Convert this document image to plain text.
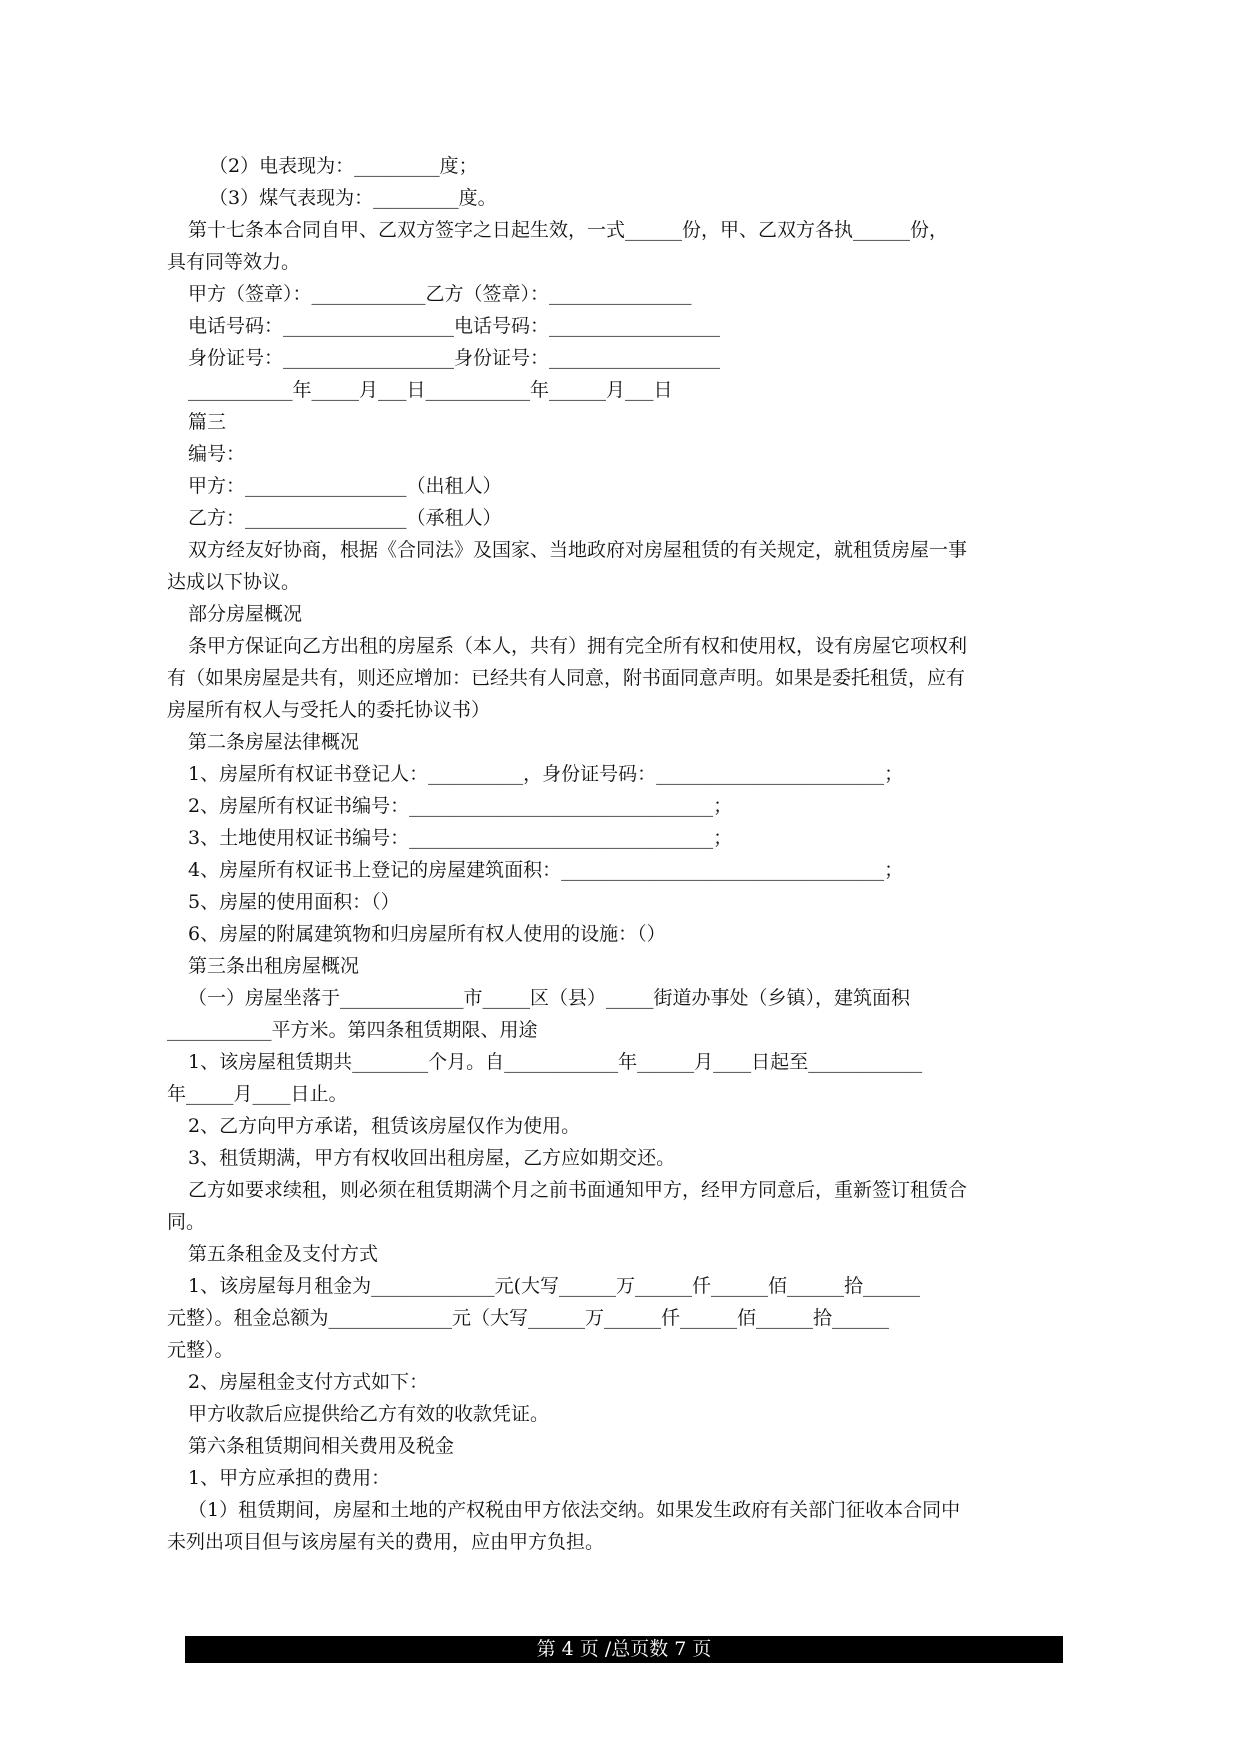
（2）电表现为：_________度；
（3）煤气表现为：_________度。
第十七条本合同自甲、乙双方签字之日起生效，一式______份，甲、乙双方各执______份，
具有同等效力。
甲方（签章）：____________乙方（签章）：_______________
电话号码：__________________电话号码：__________________
身份证号：__________________身份证号：__________________
___________年_____月___日___________年______月___日
篇三
编号：
甲方：_________________（出租人）
乙方：_________________（承租人）
双方经友好协商，根据《合同法》及国家、当地政府对房屋租赁的有关规定，就租赁房屋一事
达成以下协议。
部分房屋概况
条甲方保证向乙方出租的房屋系（本人，共有）拥有完全所有权和使用权，设有房屋它项权利
有（如果房屋是共有，则还应增加：已经共有人同意，附书面同意声明。如果是委托租赁，应有
房屋所有权人与受托人的委托协议书）
第二条房屋法律概况
1、房屋所有权证书登记人：__________，身份证号码：________________________；
2、房屋所有权证书编号：________________________________；
3、土地使用权证书编号：________________________________；
4、房屋所有权证书上登记的房屋建筑面积：__________________________________；
5、房屋的使用面积：（）
6、房屋的附属建筑物和归房屋所有权人使用的设施：（）
第三条出租房屋概况
（一）房屋坐落于_____________市_____区（县）_____街道办事处（乡镇），建筑面积
___________平方米。第四条租赁期限、用途
1、该房屋租赁期共________个月。自____________年______月____日起至____________
年_____月____日止。
2、乙方向甲方承诺，租赁该房屋仅作为使用。
3、租赁期满，甲方有权收回出租房屋，乙方应如期交还。
乙方如要求续租，则必须在租赁期满个月之前书面通知甲方，经甲方同意后，重新签订租赁合
同。
第五条租金及支付方式
1、该房屋每月租金为_____________元(大写______万______仟______佰______拾______
元整）。租金总额为_____________元（大写______万______仟______佰______拾______
元整）。
2、房屋租金支付方式如下：
甲方收款后应提供给乙方有效的收款凭证。
第六条租赁期间相关费用及税金
1、甲方应承担的费用：
（1）租赁期间，房屋和土地的产权税由甲方依法交纳。如果发生政府有关部门征收本合同中
未列出项目但与该房屋有关的费用，应由甲方负担。
第 4 页 /总页数 7 页
